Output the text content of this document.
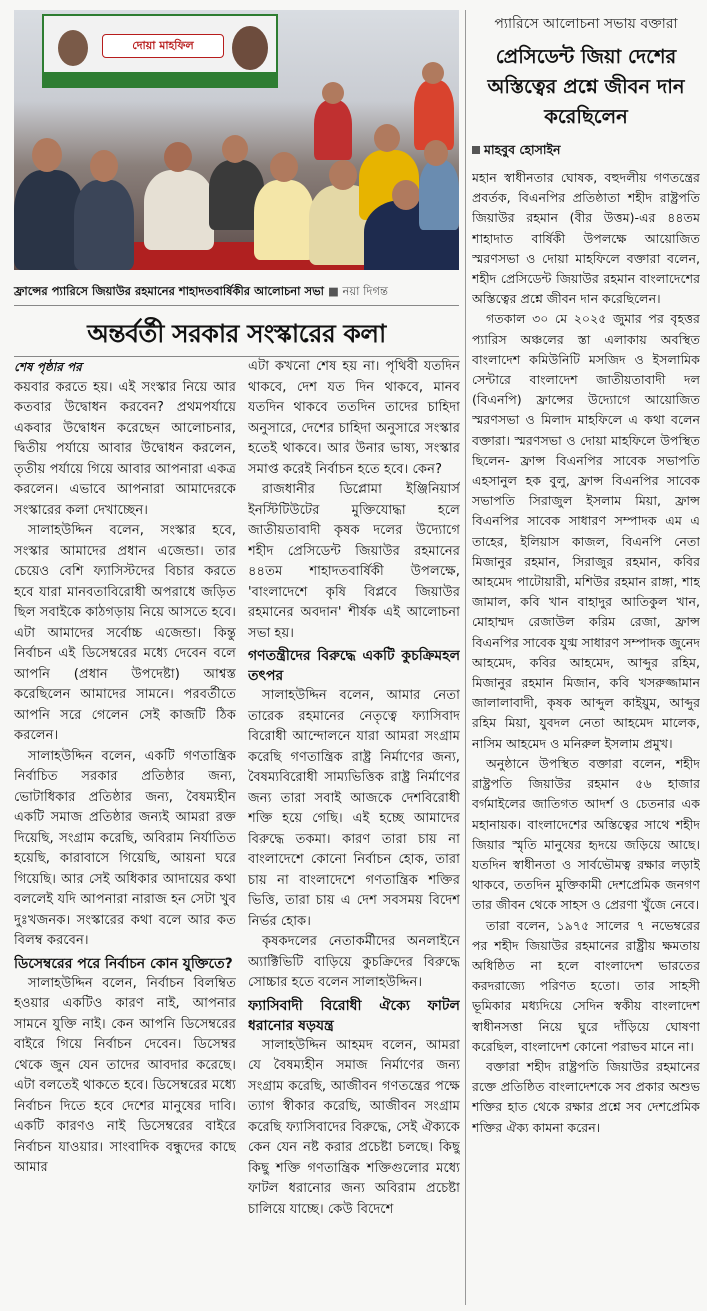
দোয়া মাহফিল
ফ্রান্সের প্যারিসে জিয়াউর রহমানের শাহাদতবার্ষিকীর আলোচনা সভা ■ নয়া দিগন্ত
অন্তর্বর্তী সরকার সংস্কারের কলা

শেষ পৃষ্ঠার পর

কয়বার করতে হয়। এই সংস্কার নিয়ে আর কতবার উদ্বোধন করবেন? প্রথমপর্যায়ে একবার উদ্বোধন করেছেন আলোচনার, দ্বিতীয় পর্যায়ে আবার উদ্বোধন করলেন, তৃতীয় পর্যায়ে গিয়ে আবার আপনারা একত্র করলেন। এভাবে আপনারা আমাদেরকে সংস্কারের কলা দেখাচ্ছেন।

সালাহউদ্দিন বলেন, সংস্কার হবে, সংস্কার আমাদের প্রধান এজেন্ডা। তার চেয়েও বেশি ফ্যাসিস্টদের বিচার করতে হবে যারা মানবতাবিরোধী অপরাধে জড়িত ছিল সবাইকে কাঠগড়ায় নিয়ে আসতে হবে। এটা আমাদের সর্বোচ্চ এজেন্ডা। কিন্তু নির্বাচন এই ডিসেম্বরের মধ্যে দেবেন বলে আপনি (প্রধান উপদেষ্টা) আশ্বস্ত করেছিলেন আমাদের সামনে। পরবর্তীতে আপনি সরে গেলেন সেই কাজটি ঠিক করলেন।

সালাহউদ্দিন বলেন, একটি গণতান্ত্রিক নির্বাচিত সরকার প্রতিষ্ঠার জন্য, ভোটাধিকার প্রতিষ্ঠার জন্য, বৈষম্যহীন একটি সমাজ প্রতিষ্ঠার জন্যই আমরা রক্ত দিয়েছি, সংগ্রাম করেছি, অবিরাম নির্যাতিত হয়েছি, কারাবাসে গিয়েছি, আয়না ঘরে গিয়েছি। আর সেই অধিকার আদায়ের কথা বললেই যদি আপনারা নারাজ হন সেটা খুব দুঃখজনক। সংস্কারের কথা বলে আর কত বিলম্ব করবেন।

ডিসেম্বরের পরে নির্বাচন কোন যুক্তিতে?

সালাহউদ্দিন বলেন, নির্বাচন বিলম্বিত হওয়ার একটিও কারণ নাই, আপনার সামনে যুক্তি নাই। কেন আপনি ডিসেম্বরের বাইরে গিয়ে নির্বাচন দেবেন। ডিসেম্বর থেকে জুন যেন তাদের আবদার করেছে। এটা বলতেই থাকতে হবে। ডিসেম্বরের মধ্যে নির্বাচন দিতে হবে দেশের মানুষের দাবি। একটি কারণও নাই ডিসেম্বরের বাইরে নির্বাচন যাওয়ার। সাংবাদিক বন্ধুদের কাছে আমার

এটা কখনো শেষ হয় না। পৃথিবী যতদিন থাকবে, দেশ যত দিন থাকবে, মানব যতদিন থাকবে ততদিন তাদের চাহিদা অনুসারে, দেশের চাহিদা অনুসারে সংস্কার হতেই থাকবে। আর উনার ভাষ্য, সংস্কার সমাপ্ত করেই নির্বাচন হতে হবে। কেন?

রাজধানীর ডিপ্লোমা ইঞ্জিনিয়ার্স ইনস্টিটিউটের মুক্তিযোদ্ধা হলে জাতীয়তাবাদী কৃষক দলের উদ্যোগে শহীদ প্রেসিডেন্ট জিয়াউর রহমানের ৪৪তম শাহাদতবার্ষিকী উপলক্ষে, 'বাংলাদেশে কৃষি বিপ্লবে জিয়াউর রহমানের অবদান' শীর্ষক এই আলোচনা সভা হয়।

গণতন্ত্রীদের বিরুদ্ধে একটি কুচক্রিমহল তৎপর

সালাহউদ্দিন বলেন, আমার নেতা তারেক রহমানের নেতৃত্বে ফ্যাসিবাদ বিরোধী আন্দোলনে যারা আমরা সংগ্রাম করেছি গণতান্ত্রিক রাষ্ট্র নির্মাণের জন্য, বৈষম্যবিরোধী সাম্যভিত্তিক রাষ্ট্র নির্মাণের জন্য তারা সবাই আজকে দেশবিরোধী শক্তি হয়ে গেছি। এই হচ্ছে আমাদের বিরুদ্ধে তকমা। কারণ তারা চায় না বাংলাদেশে কোনো নির্বাচন হোক, তারা চায় না বাংলাদেশে গণতান্ত্রিক শক্তির ভিত্তি, তারা চায় এ দেশ সবসময় বিদেশ নির্ভর হোক।

কৃষকদলের নেতাকর্মীদের অনলাইনে অ্যাক্টিভিটি বাড়িয়ে কুচক্রিদের বিরুদ্ধে সোচ্চার হতে বলেন সালাহউদ্দিন।

ফ্যাসিবাদী বিরোধী ঐক্যে ফাটল ধরানোর ষড়যন্ত্র

সালাহউদ্দিন আহমদ বলেন, আমরা যে বৈষম্যহীন সমাজ নির্মাণের জন্য সংগ্রাম করেছি, আজীবন গণতন্ত্রের পক্ষে ত্যাগ স্বীকার করেছি, আজীবন সংগ্রাম করেছি ফ্যাসিবাদের বিরুদ্ধে, সেই ঐক্যকে কেন যেন নষ্ট করার প্রচেষ্টা চলছে। কিছু কিছু শক্তি গণতান্ত্রিক শক্তিগুলোর মধ্যে ফাটল ধরানোর জন্য অবিরাম প্রচেষ্টা চালিয়ে যাচ্ছে। কেউ বিদেশে

প্যারিসে আলোচনা সভায় বক্তারা
প্রেসিডেন্ট জিয়া দেশের অস্তিত্বের প্রশ্নে জীবন দান করেছিলেন
মাহবুব হোসাইন

মহান স্বাধীনতার ঘোষক, বহুদলীয় গণতন্ত্রের প্রবর্তক, বিএনপির প্রতিষ্ঠাতা শহীদ রাষ্ট্রপতি জিয়াউর রহমান (বীর উত্তম)-এর ৪৪তম শাহাদাত বার্ষিকী উপলক্ষে আয়োজিত স্মরণসভা ও দোয়া মাহফিলে বক্তারা বলেন, শহীদ প্রেসিডেন্ট জিয়াউর রহমান বাংলাদেশের অস্তিত্বের প্রশ্নে জীবন দান করেছিলেন।

গতকাল ৩০ মে ২০২৫ জুমার পর বৃহত্তর প্যারিস অঞ্চলের স্তা এলাকায় অবস্থিত বাংলাদেশ কমিউনিটি মসজিদ ও ইসলামিক সেন্টারে বাংলাদেশ জাতীয়তাবাদী দল (বিএনপি) ফ্রান্সের উদ্যোগে আয়োজিত স্মরণসভা ও মিলাদ মাহফিলে এ কথা বলেন বক্তারা। স্মরণসভা ও দোয়া মাহফিলে উপস্থিত ছিলেন- ফ্রান্স বিএনপির সাবেক সভাপতি এহসানুল হক বুলু, ফ্রান্স বিএনপির সাবেক সভাপতি সিরাজুল ইসলাম মিয়া, ফ্রান্স বিএনপির সাবেক সাধারণ সম্পাদক এম এ তাহের, ইলিয়াস কাজল, বিএনপি নেতা মিজানুর রহমান, সিরাজুর রহমান, কবির আহমেদ পাটোয়ারী, মশিউর রহমান রাঙ্গা, শাহ জামাল, কবি খান বাহাদুর আতিকুল খান, মোহাম্মদ রেজাউল করিম রেজা, ফ্রান্স বিএনপির সাবেক যুগ্ম সাধারণ সম্পাদক জুনেদ আহমেদ, কবির আহমেদ, আব্দুর রহিম, মিজানুর রহমান মিজান, কবি খসরুজ্জামান জালালাবাদী, কৃষক আব্দুল কাইয়ুম, আব্দুর রহিম মিয়া, যুবদল নেতা আহমেদ মালেক, নাসিম আহমেদ ও মনিরুল ইসলাম প্রমুখ।

অনুষ্ঠানে উপস্থিত বক্তারা বলেন, শহীদ রাষ্ট্রপতি জিয়াউর রহমান ৫৬ হাজার বর্গমাইলের জাতিগত আদর্শ ও চেতনার এক মহানায়ক। বাংলাদেশের অস্তিত্বের সাথে শহীদ জিয়ার স্মৃতি মানুষের হৃদয়ে জড়িয়ে আছে। যতদিন স্বাধীনতা ও সার্বভৌমত্ব রক্ষার লড়াই থাকবে, ততদিন মুক্তিকামী দেশপ্রেমিক জনগণ তার জীবন থেকে সাহস ও প্রেরণা খুঁজে নেবে।

তারা বলেন, ১৯৭৫ সালের ৭ নভেম্বরের পর শহীদ জিয়াউর রহমানের রাষ্ট্রীয় ক্ষমতায় অধিষ্ঠিত না হলে বাংলাদেশ ভারতের করদরাজ্যে পরিণত হতো। তার সাহসী ভূমিকার মধ্যদিয়ে সেদিন স্বকীয় বাংলাদেশ স্বাধীনসত্তা নিয়ে ঘুরে দাঁড়িয়ে ঘোষণা করেছিল, বাংলাদেশ কোনো পরাভব মানে না।

বক্তারা শহীদ রাষ্ট্রপতি জিয়াউর রহমানের রক্তে প্রতিষ্ঠিত বাংলাদেশকে সব প্রকার অশুভ শক্তির হাত থেকে রক্ষার প্রশ্নে সব দেশপ্রেমিক শক্তির ঐক্য কামনা করেন।
